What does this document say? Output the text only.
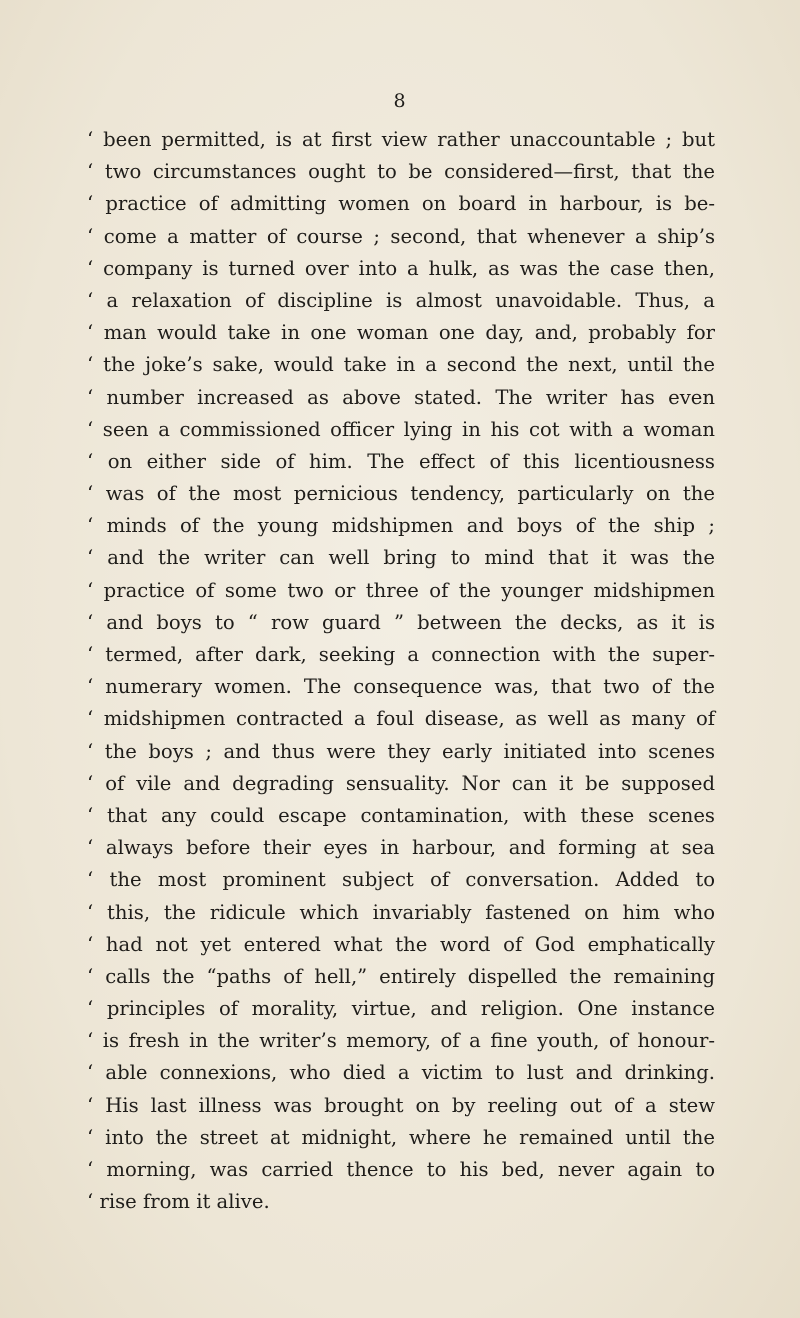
8
‘ been permitted, is at first view rather unaccountable ; but
‘ two circumstances ought to be considered—first, that the
‘ practice of admitting women on board in harbour, is be-
‘ come a matter of course ; second, that whenever a ship’s
‘ company is turned over into a hulk, as was the case then,
‘ a relaxation of discipline is almost unavoidable. Thus, a
‘ man would take in one woman one day, and, probably for
‘ the joke’s sake, would take in a second the next, until the
‘ number increased as above stated. The writer has even
‘ seen a commissioned officer lying in his cot with a woman
‘ on either side of him. The effect of this licentiousness
‘ was of the most pernicious tendency, particularly on the
‘ minds of the young midshipmen and boys of the ship ;
‘ and the writer can well bring to mind that it was the
‘ practice of some two or three of the younger midshipmen
‘ and boys to “ row guard ” between the decks, as it is
‘ termed, after dark, seeking a connection with the super-
‘ numerary women. The consequence was, that two of the
‘ midshipmen contracted a foul disease, as well as many of
‘ the boys ; and thus were they early initiated into scenes
‘ of vile and degrading sensuality. Nor can it be supposed
‘ that any could escape contamination, with these scenes
‘ always before their eyes in harbour, and forming at sea
‘ the most prominent subject of conversation. Added to
‘ this, the ridicule which invariably fastened on him who
‘ had not yet entered what the word of God emphatically
‘ calls the “paths of hell,” entirely dispelled the remaining
‘ principles of morality, virtue, and religion. One instance
‘ is fresh in the writer’s memory, of a fine youth, of honour-
‘ able connexions, who died a victim to lust and drinking.
‘ His last illness was brought on by reeling out of a stew
‘ into the street at midnight, where he remained until the
‘ morning, was carried thence to his bed, never again to
‘ rise from it alive.
